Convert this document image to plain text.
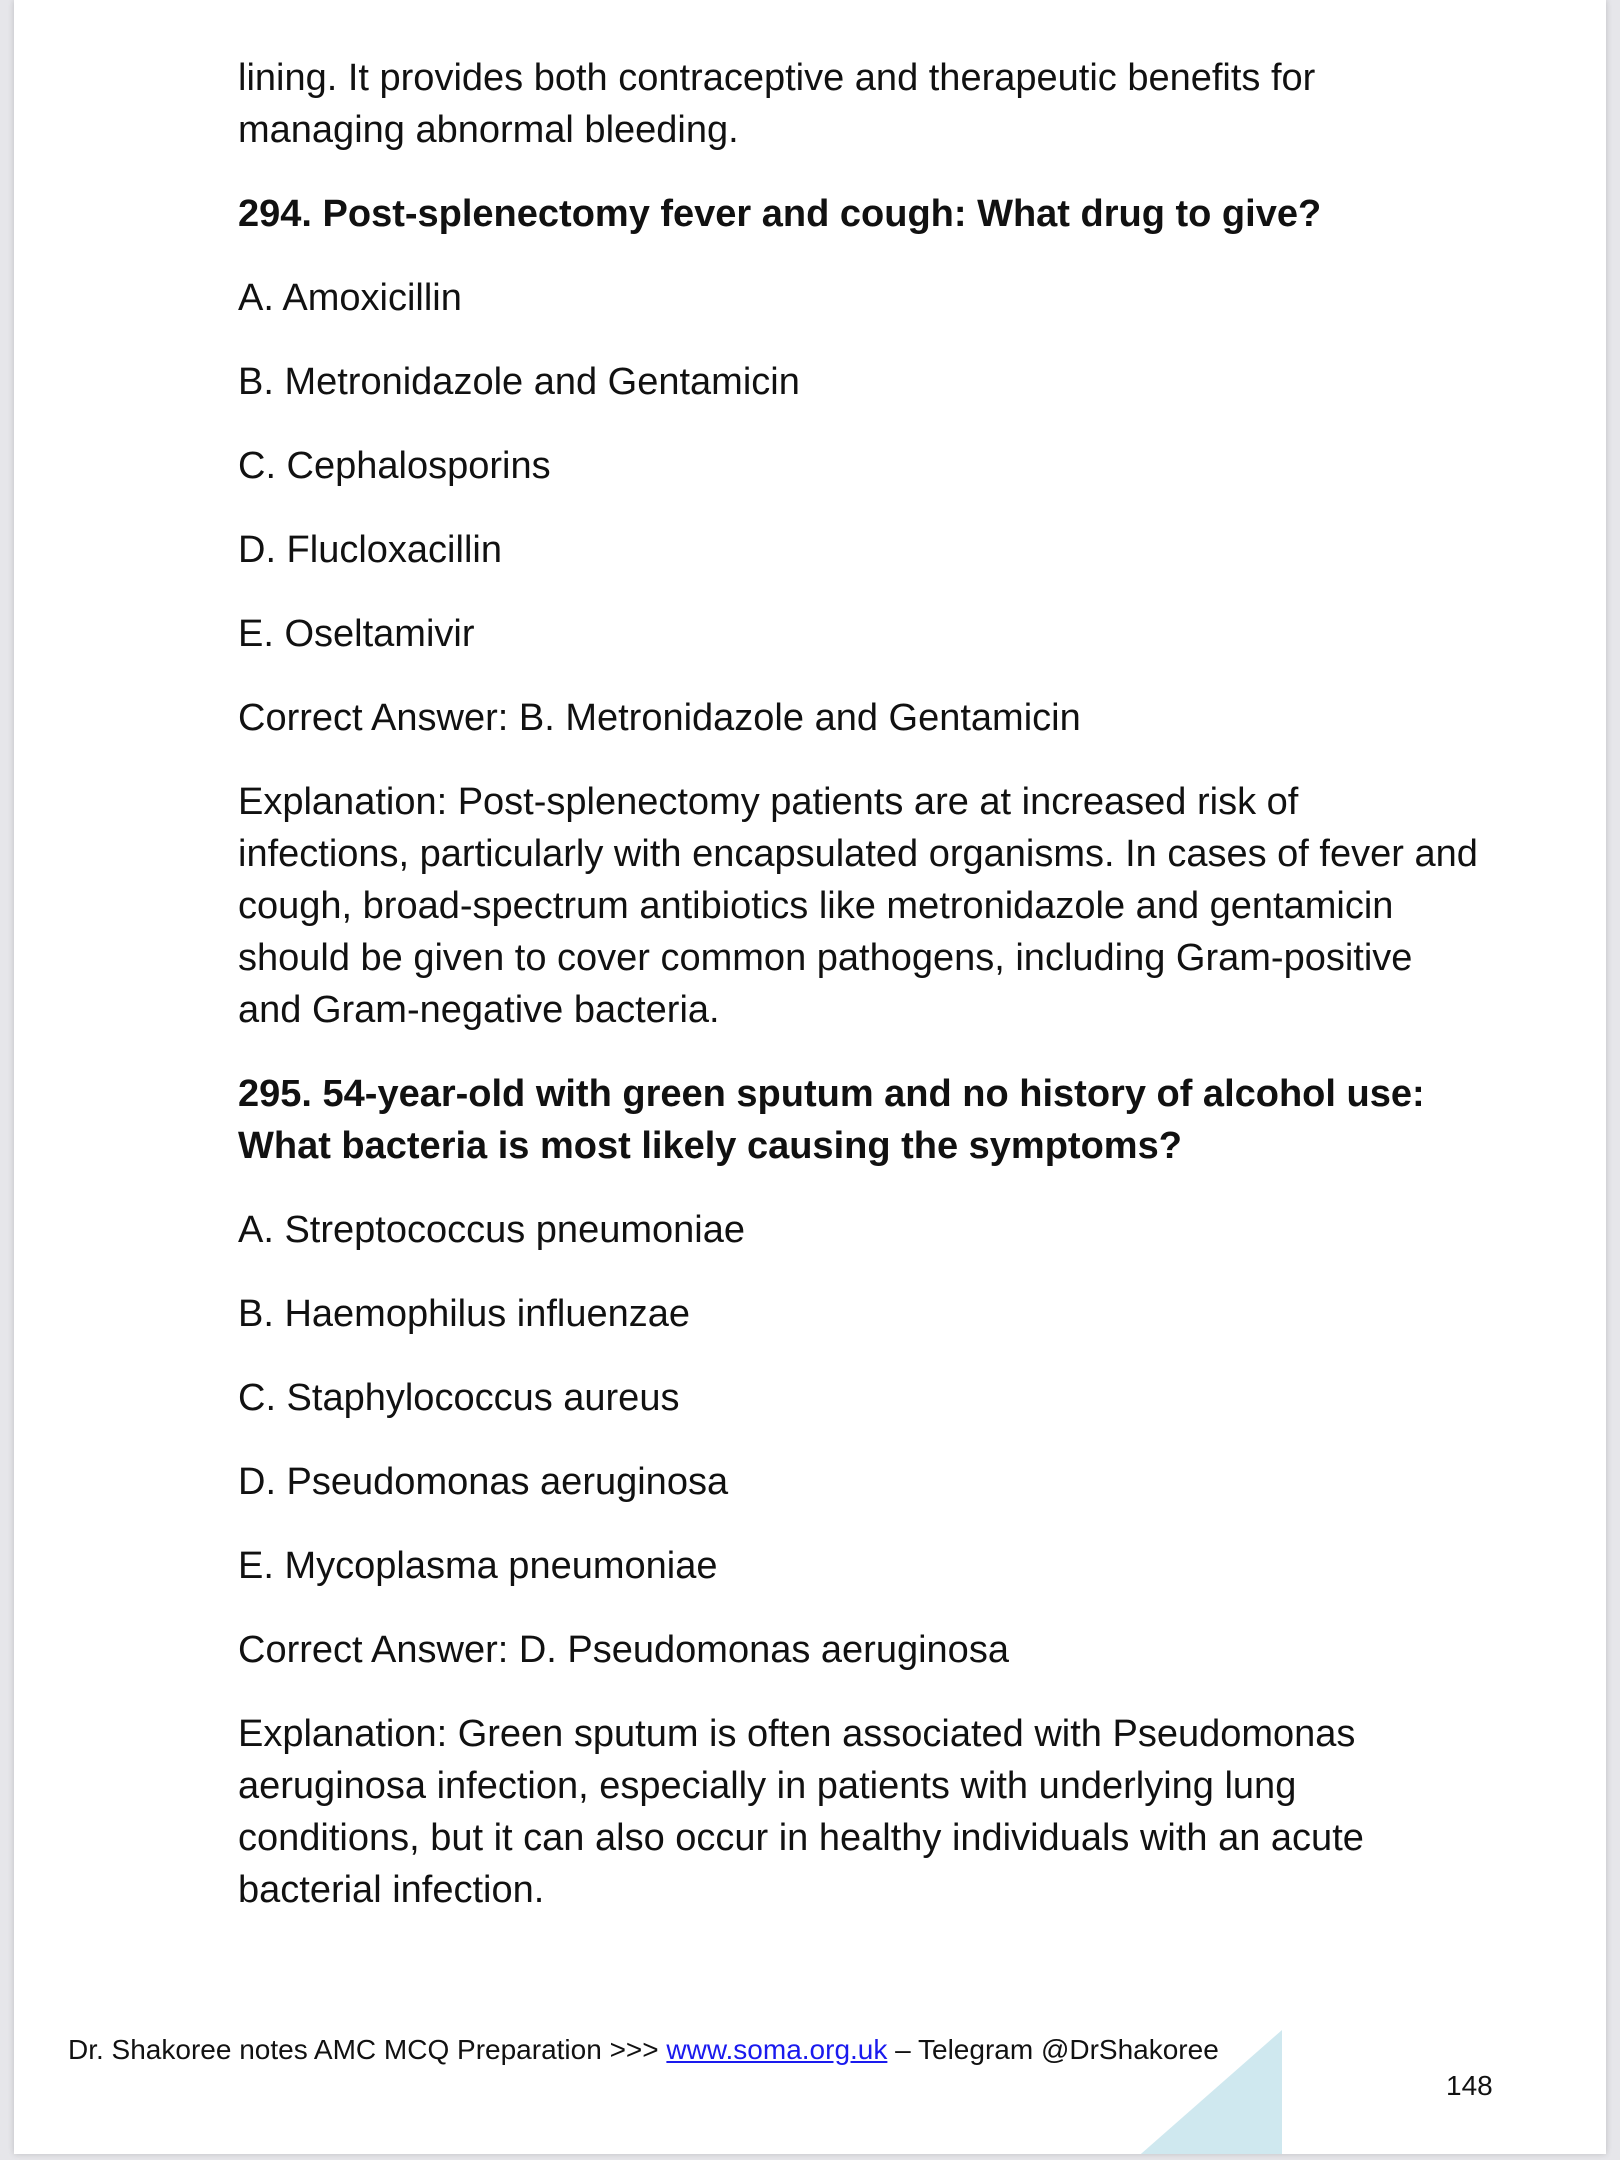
lining. It provides both contraceptive and therapeutic benefits for managing abnormal bleeding.

294. Post-splenectomy fever and cough: What drug to give?

A. Amoxicillin

B. Metronidazole and Gentamicin

C. Cephalosporins

D. Flucloxacillin

E. Oseltamivir

Correct Answer: B. Metronidazole and Gentamicin

Explanation: Post-splenectomy patients are at increased risk of infections, particularly with encapsulated organisms. In cases of fever and cough, broad-spectrum antibiotics like metronidazole and gentamicin should be given to cover common pathogens, including Gram-positive and Gram-negative bacteria.

295. 54-year-old with green sputum and no history of alcohol use: What bacteria is most likely causing the symptoms?

A. Streptococcus pneumoniae

B. Haemophilus influenzae

C. Staphylococcus aureus

D. Pseudomonas aeruginosa

E. Mycoplasma pneumoniae

Correct Answer: D. Pseudomonas aeruginosa

Explanation: Green sputum is often associated with Pseudomonas aeruginosa infection, especially in patients with underlying lung conditions, but it can also occur in healthy individuals with an acute bacterial infection.

Dr. Shakoree notes AMC MCQ Preparation >>> www.soma.org.uk – Telegram @DrShakoree
148
